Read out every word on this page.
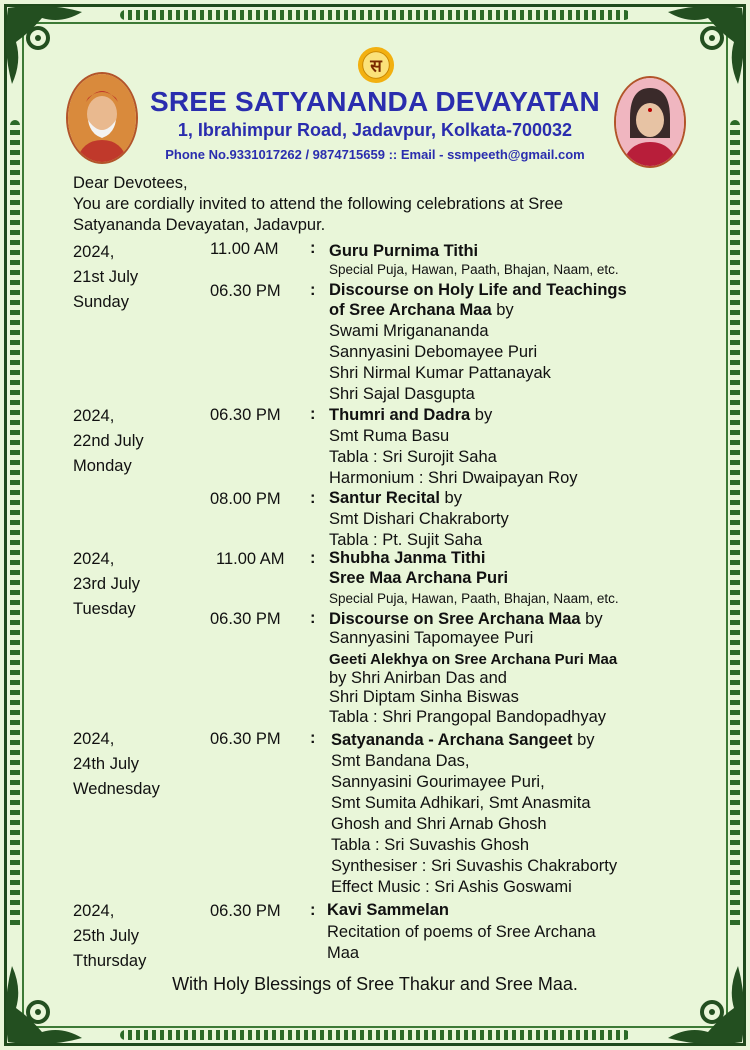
स
SREE SATYANANDA DEVAYATAN
1, Ibrahimpur Road, Jadavpur, Kolkata-700032
Phone No.9331017262 / 9874715659 :: Email - ssmpeeth@gmail.com
Dear Devotees,
You are cordially invited to attend the following celebrations at Sree
Satyananda Devayatan, Jadavpur.
2024,
21st July
Sunday
11.00 AM : Guru Purnima Tithi
Special Puja, Hawan, Paath, Bhajan, Naam, etc.
06.30 PM : Discourse on Holy Life and Teachings
of Sree Archana Maa by
Swami Mriganananda
Sannyasini Debomayee Puri
Shri Nirmal Kumar Pattanayak
Shri Sajal Dasgupta
2024,
22nd July
Monday
06.30 PM : Thumri and Dadra by
Smt Ruma Basu
Tabla : Sri Surojit Saha
Harmonium : Shri Dwaipayan Roy
08.00 PM : Santur Recital by
Smt Dishari Chakraborty
Tabla : Pt. Sujit Saha
2024,
23rd July
Tuesday
11.00 AM : Shubha Janma Tithi
Sree Maa Archana Puri
Special Puja, Hawan, Paath, Bhajan, Naam, etc.
06.30 PM : Discourse on Sree Archana Maa by
Sannyasini Tapomayee Puri
Geeti Alekhya on Sree Archana Puri Maa
by Shri Anirban Das and
Shri Diptam Sinha Biswas
Tabla : Shri Prangopal Bandopadhyay
2024,
24th July
Wednesday
06.30 PM : Satyananda - Archana Sangeet by
Smt Bandana Das,
Sannyasini Gourimayee Puri,
Smt Sumita Adhikari, Smt Anasmita
Ghosh and Shri Arnab Ghosh
Tabla : Sri Suvashis Ghosh
Synthesiser : Sri Suvashis Chakraborty
Effect Music : Sri Ashis Goswami
2024,
25th July
Tthursday
06.30 PM : Kavi Sammelan
Recitation of poems of Sree Archana
Maa
With Holy Blessings of Sree Thakur and Sree Maa.
